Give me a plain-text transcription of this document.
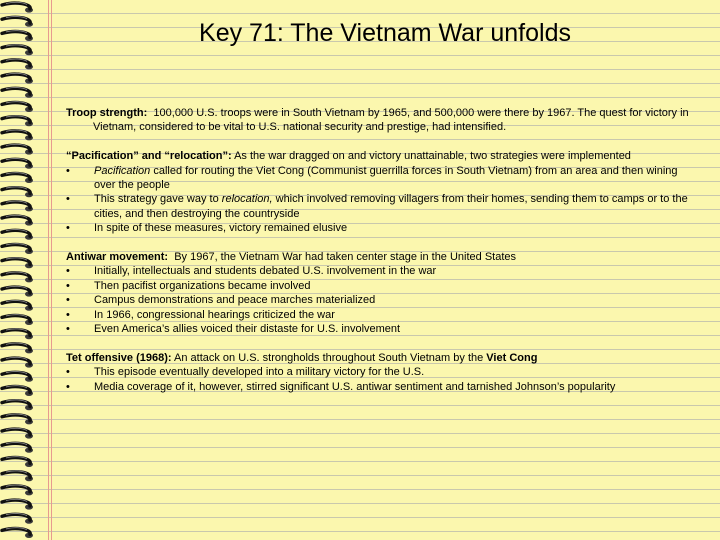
Key 71: The Vietnam War unfolds
Troop strength: 100,000 U.S. troops were in South Vietnam by 1965, and 500,000 were there by 1967. The quest for victory in Vietnam, considered to be vital to U.S. national security and prestige, had intensified.
“Pacification” and “relocation”: As the war dragged on and victory unattainable, two strategies were implemented
• Pacification called for routing the Viet Cong (Communist guerrilla forces in South Vietnam) from an area and then wining over the people
• This strategy gave way to relocation, which involved removing villagers from their homes, sending them to camps or to the cities, and then destroying the countryside
• In spite of these measures, victory remained elusive
Antiwar movement: By 1967, the Vietnam War had taken center stage in the United States
• Initially, intellectuals and students debated U.S. involvement in the war
• Then pacifist organizations became involved
• Campus demonstrations and peace marches materialized
• In 1966, congressional hearings criticized the war
• Even America’s allies voiced their distaste for U.S. involvement
Tet offensive (1968): An attack on U.S. strongholds throughout South Vietnam by the Viet Cong
• This episode eventually developed into a military victory for the U.S.
• Media coverage of it, however, stirred significant U.S. antiwar sentiment and tarnished Johnson’s popularity
